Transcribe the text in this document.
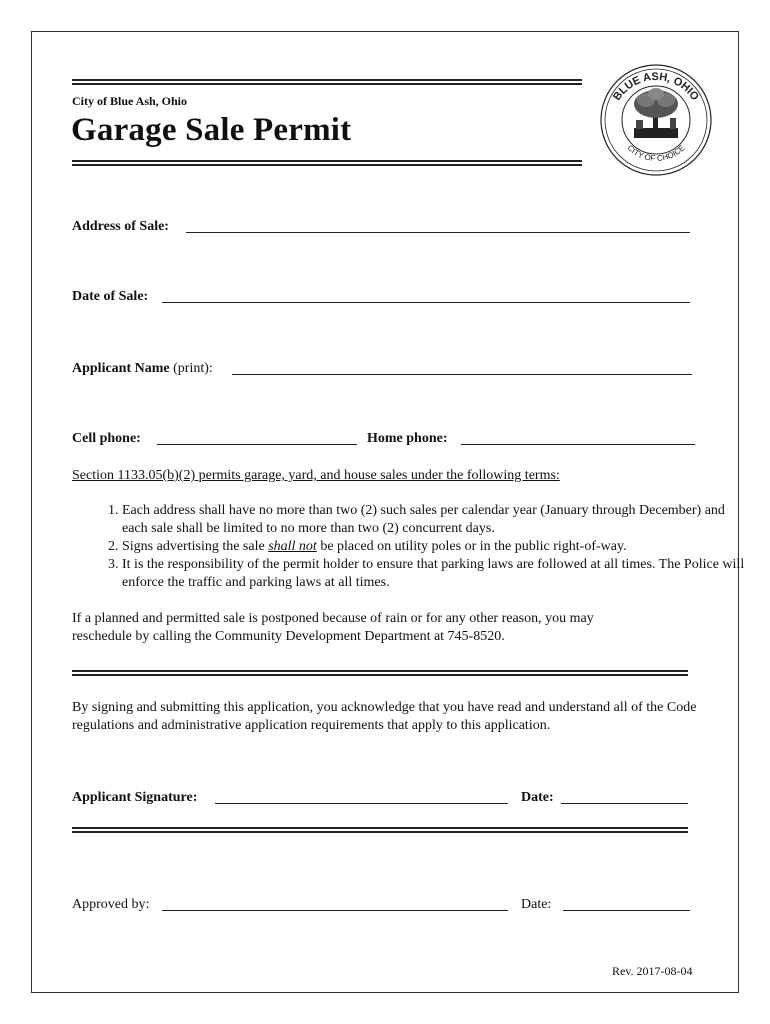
City of Blue Ash, Ohio
Garage Sale Permit
BLUE ASH, OHIO
CITY OF CHOICE
Address of Sale:
Date of Sale:
Applicant Name (print):
Cell phone:	Home phone:
Section 1133.05(b)(2) permits garage, yard, and house sales under the following terms:
1. Each address shall have no more than two (2) such sales per calendar year (January through December) and each sale shall be limited to no more than two (2) concurrent days.
2. Signs advertising the sale shall not be placed on utility poles or in the public right-of-way.
3. It is the responsibility of the permit holder to ensure that parking laws are followed at all times. The Police will enforce the traffic and parking laws at all times.
If a planned and permitted sale is postponed because of rain or for any other reason, you may reschedule by calling the Community Development Department at 745-8520.
By signing and submitting this application, you acknowledge that you have read and understand all of the Code regulations and administrative application requirements that apply to this application.
Applicant Signature:	Date:
Approved by:	Date:
Rev. 2017-08-04
